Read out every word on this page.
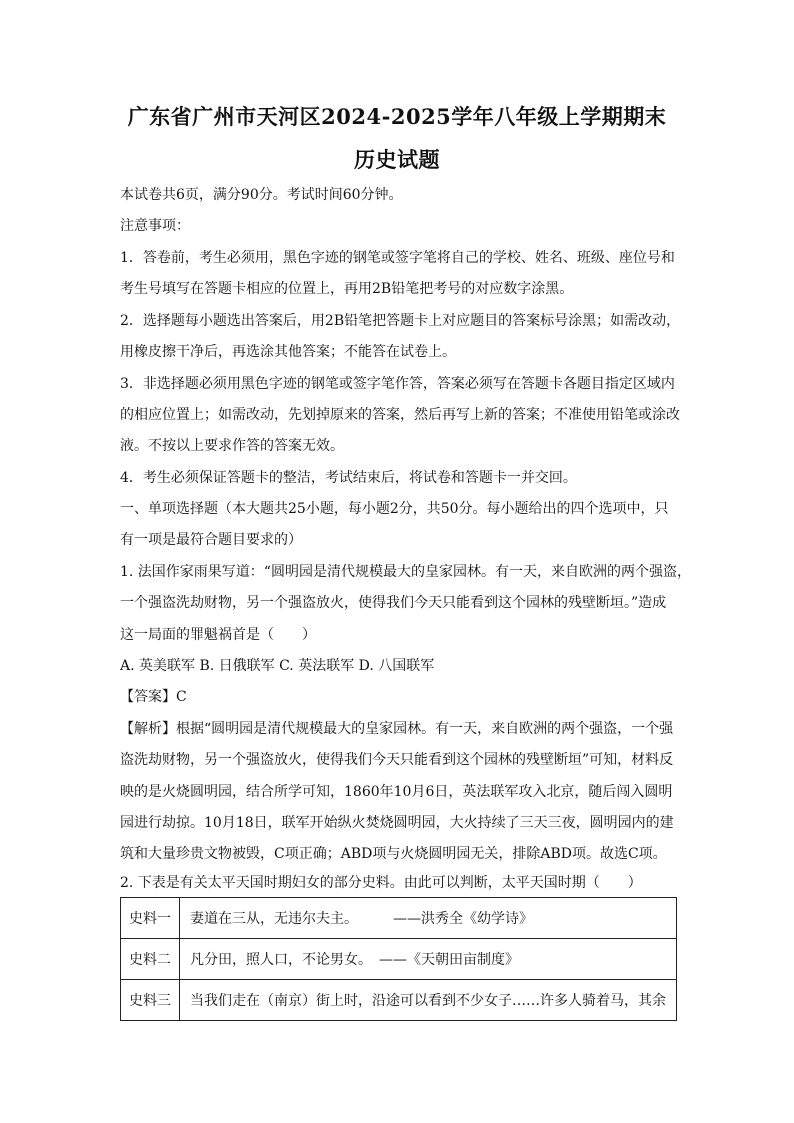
广东省广州市天河区2024-2025学年八年级上学期期末
历史试题
本试卷共6页，满分90分。考试时间60分钟。
注意事项：
1．答卷前，考生必须用，黑色字迹的钢笔或签字笔将自己的学校、姓名、班级、座位号和
考生号填写在答题卡相应的位置上，再用2B铅笔把考号的对应数字涂黑。
2．选择题每小题选出答案后，用2B铅笔把答题卡上对应题目的答案标号涂黑；如需改动，
用橡皮擦干净后，再选涂其他答案；不能答在试卷上。
3．非选择题必须用黑色字迹的钢笔或签字笔作答，答案必须写在答题卡各题目指定区域内
的相应位置上；如需改动，先划掉原来的答案，然后再写上新的答案；不准使用铅笔或涂改
液。不按以上要求作答的答案无效。
4．考生必须保证答题卡的整洁，考试结束后，将试卷和答题卡一并交回。
一、单项选择题（本大题共25小题，每小题2分，共50分。每小题给出的四个选项中，只
有一项是最符合题目要求的）
1. 法国作家雨果写道：“圆明园是清代规模最大的皇家园林。有一天，来自欧洲的两个强盗，
一个强盗洗劫财物，另一个强盗放火，使得我们今天只能看到这个园林的残壁断垣。”造成
这一局面的罪魁祸首是（　　）
A. 英美联军 B. 日俄联军 C. 英法联军 D. 八国联军
【答案】C
【解析】根据“圆明园是清代规模最大的皇家园林。有一天，来自欧洲的两个强盗，一个强
盗洗劫财物，另一个强盗放火，使得我们今天只能看到这个园林的残壁断垣”可知，材料反
映的是火烧圆明园，结合所学可知，1860年10月6日，英法联军攻入北京，随后闯入圆明
园进行劫掠。10月18日，联军开始纵火焚烧圆明园，大火持续了三天三夜，圆明园内的建
筑和大量珍贵文物被毁，C项正确；ABD项与火烧圆明园无关，排除ABD项。故选C项。
2. 下表是有关太平天国时期妇女的部分史料。由此可以判断，太平天国时期（　　）
史料一	妻道在三从，无违尔夫主。　　　——洪秀全《幼学诗》
史料二	凡分田，照人口，不论男女。　——《天朝田亩制度》
史料三	当我们走在（南京）街上时，沿途可以看到不少女子……许多人骑着马，其余
